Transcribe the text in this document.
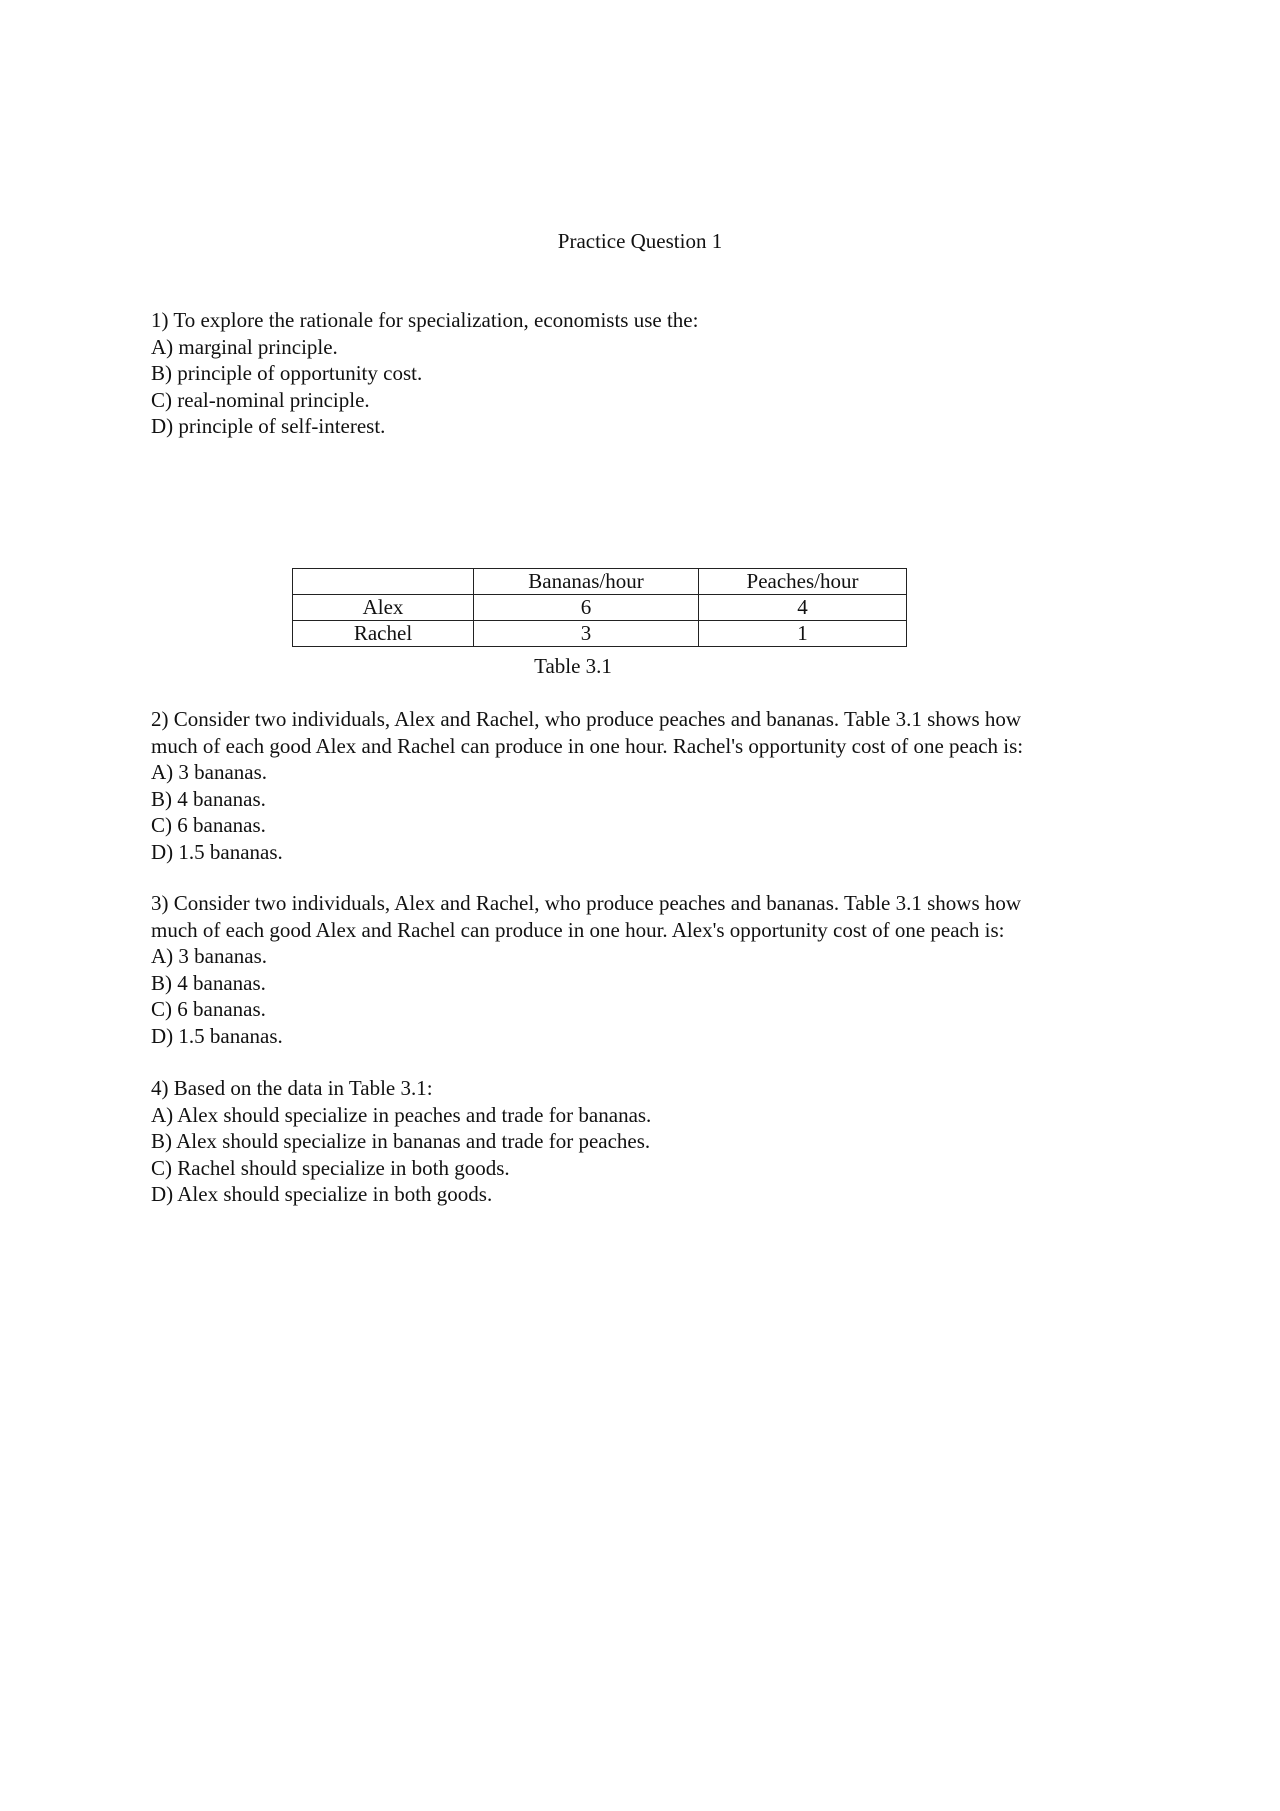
Practice Question 1

1) To explore the rationale for specialization, economists use the:

A) marginal principle.

B) principle of opportunity cost.

C) real-nominal principle.

D) principle of self-interest.

	Bananas/hour	Peaches/hour
Alex	6	4
Rachel	3	1
Table 3.1

2) Consider two individuals, Alex and Rachel, who produce peaches and bananas. Table 3.1 shows how

much of each good Alex and Rachel can produce in one hour. Rachel's opportunity cost of one peach is:

A) 3 bananas.

B) 4 bananas.

C) 6 bananas.

D) 1.5 bananas.

3) Consider two individuals, Alex and Rachel, who produce peaches and bananas. Table 3.1 shows how

much of each good Alex and Rachel can produce in one hour. Alex's opportunity cost of one peach is:

A) 3 bananas.

B) 4 bananas.

C) 6 bananas.

D) 1.5 bananas.

4) Based on the data in Table 3.1:

A) Alex should specialize in peaches and trade for bananas.

B) Alex should specialize in bananas and trade for peaches.

C) Rachel should specialize in both goods.

D) Alex should specialize in both goods.
